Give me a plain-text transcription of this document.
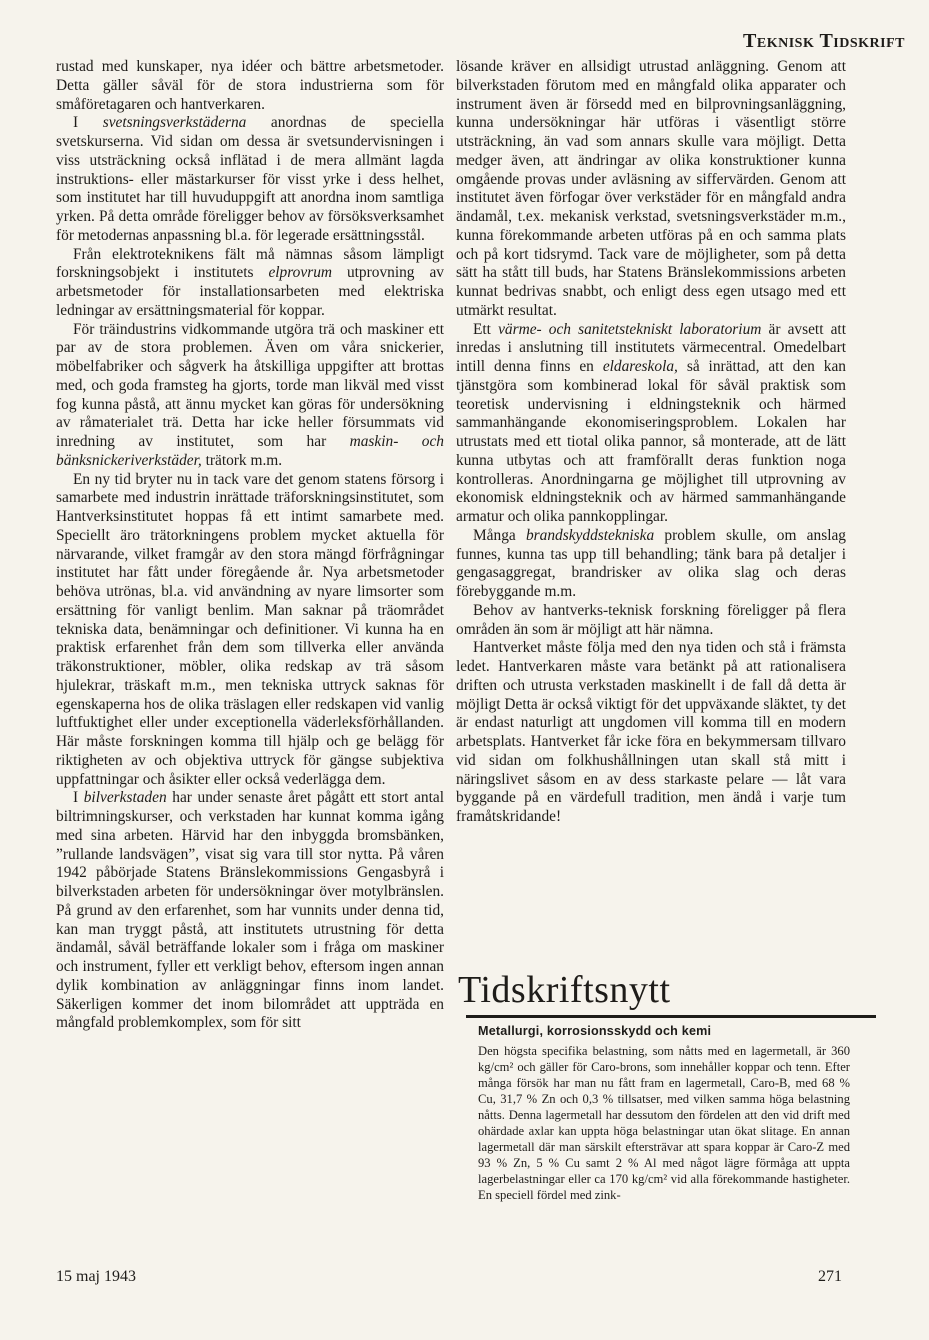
Teknisk Tidskrift

rustad med kunskaper, nya idéer och bättre arbetsmetoder. Detta gäller såväl för de stora industrierna som för småföretagaren och hantverkaren.

I svetsningsverkstäderna anordnas de speciella svetskurserna. Vid sidan om dessa är svetsundervisningen i viss utsträckning också inflätad i de mera allmänt lagda instruktions- eller mästarkurser för visst yrke i dess helhet, som institutet har till huvuduppgift att anordna inom samtliga yrken. På detta område föreligger behov av försöksverksamhet för metodernas anpassning bl.a. för legerade ersättningsstål.

Från elektroteknikens fält må nämnas såsom lämpligt forskningsobjekt i institutets elprovrum utprovning av arbetsmetoder för installationsarbeten med elektriska ledningar av ersättningsmaterial för koppar.

För träindustrins vidkommande utgöra trä och maskiner ett par av de stora problemen. Även om våra snickerier, möbelfabriker och sågverk ha åtskilliga uppgifter att brottas med, och goda framsteg ha gjorts, torde man likväl med visst fog kunna påstå, att ännu mycket kan göras för undersökning av råmaterialet trä. Detta har icke heller försummats vid inredning av institutet, som har maskin- och bänksnickeriverkstäder, trätork m.m.

En ny tid bryter nu in tack vare det genom statens försorg i samarbete med industrin inrättade träforskningsinstitutet, som Hantverksinstitutet hoppas få ett intimt samarbete med. Speciellt äro trätorkningens problem mycket aktuella för närvarande, vilket framgår av den stora mängd förfrågningar institutet har fått under föregående år. Nya arbetsmetoder behöva utrönas, bl.a. vid användning av nyare limsorter som ersättning för vanligt benlim. Man saknar på träområdet tekniska data, benämningar och definitioner. Vi kunna ha en praktisk erfarenhet från dem som tillverka eller använda träkonstruktioner, möbler, olika redskap av trä såsom hjulekrar, träskaft m.m., men tekniska uttryck saknas för egenskaperna hos de olika träslagen eller redskapen vid vanlig luftfuktighet eller under exceptionella väderleksförhållanden. Här måste forskningen komma till hjälp och ge belägg för riktigheten av och objektiva uttryck för gängse subjektiva uppfattningar och åsikter eller också vederlägga dem.

I bilverkstaden har under senaste året pågått ett stort antal biltrimningskurser, och verkstaden har kunnat komma igång med sina arbeten. Härvid har den inbyggda bromsbänken, ”rullande landsvägen”, visat sig vara till stor nytta. På våren 1942 påbörjade Statens Bränslekommissions Gengasbyrå i bilverkstaden arbeten för undersökningar över motylbränslen. På grund av den erfarenhet, som har vunnits under denna tid, kan man tryggt påstå, att institutets utrustning för detta ändamål, såväl beträffande lokaler som i fråga om maskiner och instrument, fyller ett verkligt behov, eftersom ingen annan dylik kombination av anläggningar finns inom landet. Säkerligen kommer det inom bilområdet att uppträda en mångfald problemkomplex, som för sitt

lösande kräver en allsidigt utrustad anläggning. Genom att bilverkstaden förutom med en mångfald olika apparater och instrument även är försedd med en bilprovningsanläggning, kunna undersökningar här utföras i väsentligt större utsträckning, än vad som annars skulle vara möjligt. Detta medger även, att ändringar av olika konstruktioner kunna omgående provas under avläsning av siffervärden. Genom att institutet även förfogar över verkstäder för en mångfald andra ändamål, t.ex. mekanisk verkstad, svetsningsverkstäder m.m., kunna förekommande arbeten utföras på en och samma plats och på kort tidsrymd. Tack vare de möjligheter, som på detta sätt ha stått till buds, har Statens Bränslekommissions arbeten kunnat bedrivas snabbt, och enligt dess egen utsago med ett utmärkt resultat.

Ett värme- och sanitetstekniskt laboratorium är avsett att inredas i anslutning till institutets värmecentral. Omedelbart intill denna finns en eldareskola, så inrättad, att den kan tjänstgöra som kombinerad lokal för såväl praktisk som teoretisk undervisning i eldningsteknik och härmed sammanhängande ekonomiseringsproblem. Lokalen har utrustats med ett tiotal olika pannor, så monterade, att de lätt kunna utbytas och att framförallt deras funktion noga kontrolleras. Anordningarna ge möjlighet till utprovning av ekonomisk eldningsteknik och av härmed sammanhängande armatur och olika pannkopplingar.

Många brandskyddstekniska problem skulle, om anslag funnes, kunna tas upp till behandling; tänk bara på detaljer i gengasaggregat, brandrisker av olika slag och deras förebyggande m.m.

Behov av hantverks-teknisk forskning föreligger på flera områden än som är möjligt att här nämna.

Hantverket måste följa med den nya tiden och stå i främsta ledet. Hantverkaren måste vara betänkt på att rationalisera driften och utrusta verkstaden maskinellt i de fall då detta är möjligt Detta är också viktigt för det uppväxande släktet, ty det är endast naturligt att ungdomen vill komma till en modern arbetsplats. Hantverket får icke föra en bekymmersam tillvaro vid sidan om folkhushållningen utan skall stå mitt i näringslivet såsom en av dess starkaste pelare — låt vara byggande på en värdefull tradition, men ändå i varje tum framåtskridande!

Tidskriftsnytt
Metallurgi, korrosionsskydd och kemi

Den högsta specifika belastning, som nåtts med en lagermetall, är 360 kg/cm² och gäller för Caro-brons, som innehåller koppar och tenn. Efter många försök har man nu fått fram en lagermetall, Caro-B, med 68 % Cu, 31,7 % Zn och 0,3 % tillsatser, med vilken samma höga belastning nåtts. Denna lagermetall har dessutom den fördelen att den vid drift med ohärdade axlar kan uppta höga belastningar utan ökat slitage. En annan lagermetall där man särskilt eftersträvar att spara koppar är Caro-Z med 93 % Zn, 5 % Cu samt 2 % Al med något lägre förmåga att uppta lagerbelastningar eller ca 170 kg/cm² vid alla förekommande hastigheter. En speciell fördel med zink-

15 maj 1943	271
